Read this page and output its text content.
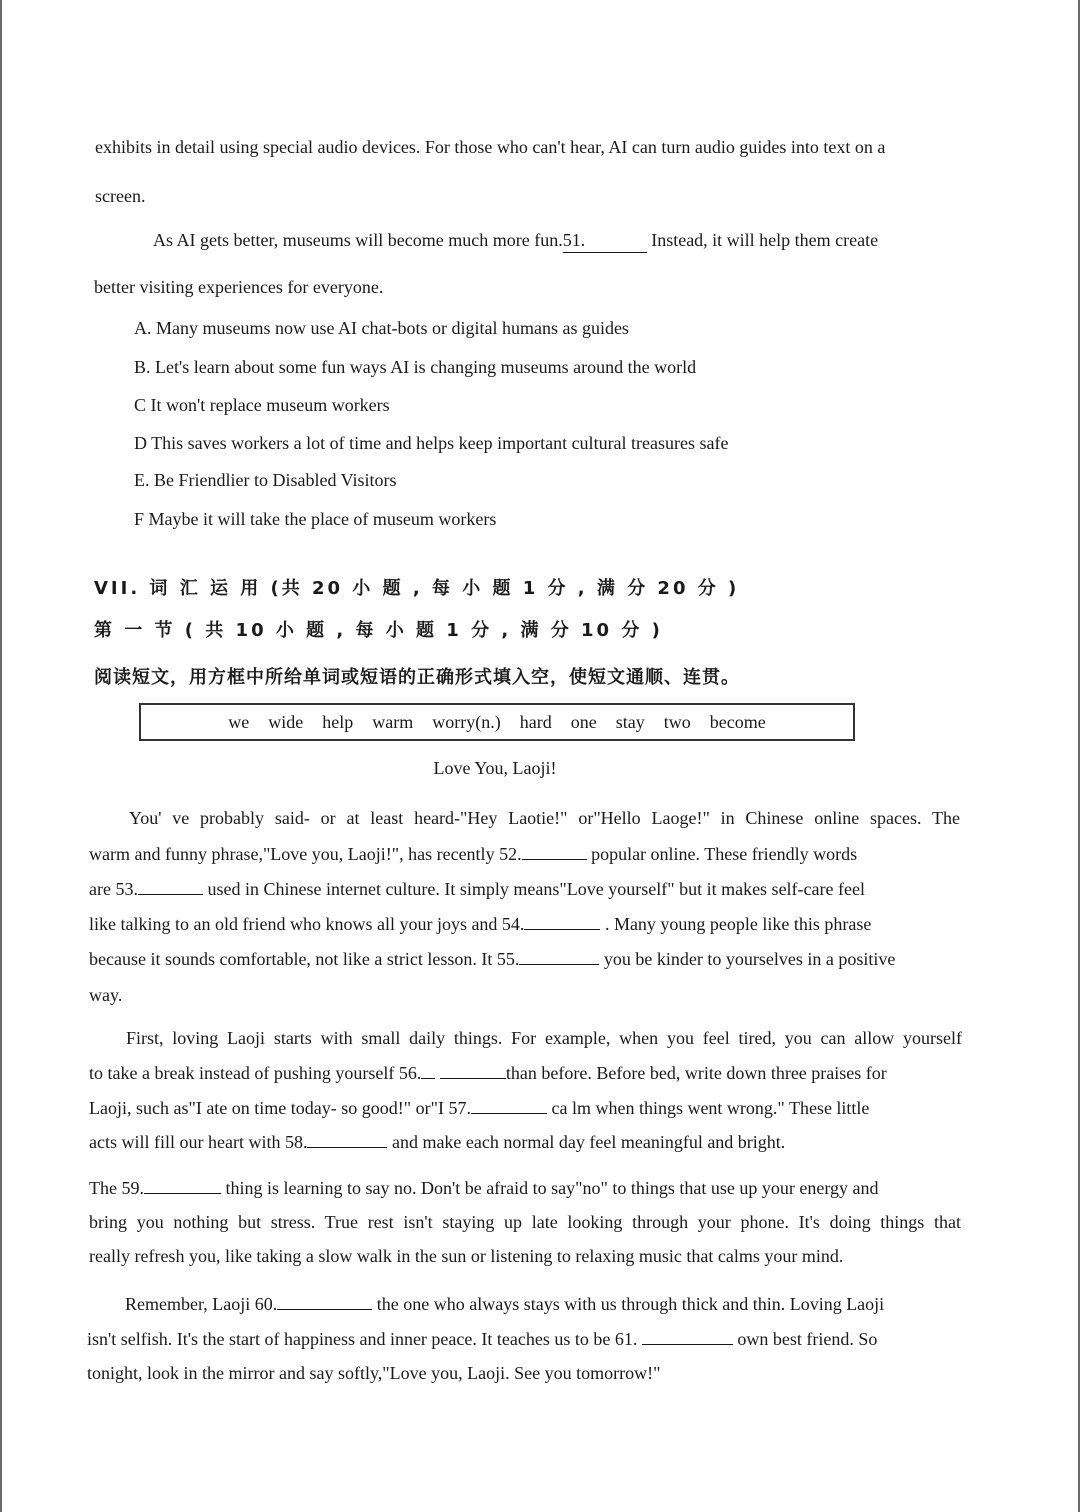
exhibits in detail using special audio devices. For those who can't hear, AI can turn audio guides into text on a
screen.
As AI gets better, museums will become much more fun.51.	Instead, it will help them create
better visiting experiences for everyone.
A. Many museums now use AI chat-bots or digital humans as guides
B. Let's learn about some fun ways AI is changing museums around the world
C It won't replace museum workers
D This saves workers a lot of time and helps keep important cultural treasures safe
E. Be Friendlier to Disabled Visitors
F Maybe it will take the place of museum workers
VII. 词 汇 运 用 (共 20 小 题 , 每 小 题 1 分 , 满 分 20 分 )
第 一 节 ( 共 10 小 题 , 每 小 题 1 分 , 满 分 10 分 )
阅读短文，用方框中所给单词或短语的正确形式填入空，使短文通顺、连贯。
we wide help warm worry(n.) hard one stay two become
Love You, Laoji!
You' ve probably said- or at least heard-"Hey Laotie!" or"Hello Laoge!" in Chinese online spaces. The
warm and funny phrase,"Love you, Laoji!", has recently 52.	popular online. These friendly words
are 53.	used in Chinese internet culture. It simply means"Love yourself" but it makes self-care feel
like talking to an old friend who knows all your joys and 54.	. Many young people like this phrase
because it sounds comfortable, not like a strict lesson. It 55.	you be kinder to yourselves in a positive
way.
First, loving Laoji starts with small daily things. For example, when you feel tired, you can allow yourself
to take a break instead of pushing yourself 56.	than before. Before bed, write down three praises for
Laoji, such as"I ate on time today- so good!" or"I 57.	ca lm when things went wrong." These little
acts will fill our heart with 58.	and make each normal day feel meaningful and bright.
The 59.	thing is learning to say no. Don't be afraid to say"no" to things that use up your energy and
bring you nothing but stress. True rest isn't staying up late looking through your phone. It's doing things that
really refresh you, like taking a slow walk in the sun or listening to relaxing music that calms your mind.
Remember, Laoji 60.	the one who always stays with us through thick and thin. Loving Laoji
isn't selfish. It's the start of happiness and inner peace. It teaches us to be 61.	own best friend. So
tonight, look in the mirror and say softly,"Love you, Laoji. See you tomorrow!"
